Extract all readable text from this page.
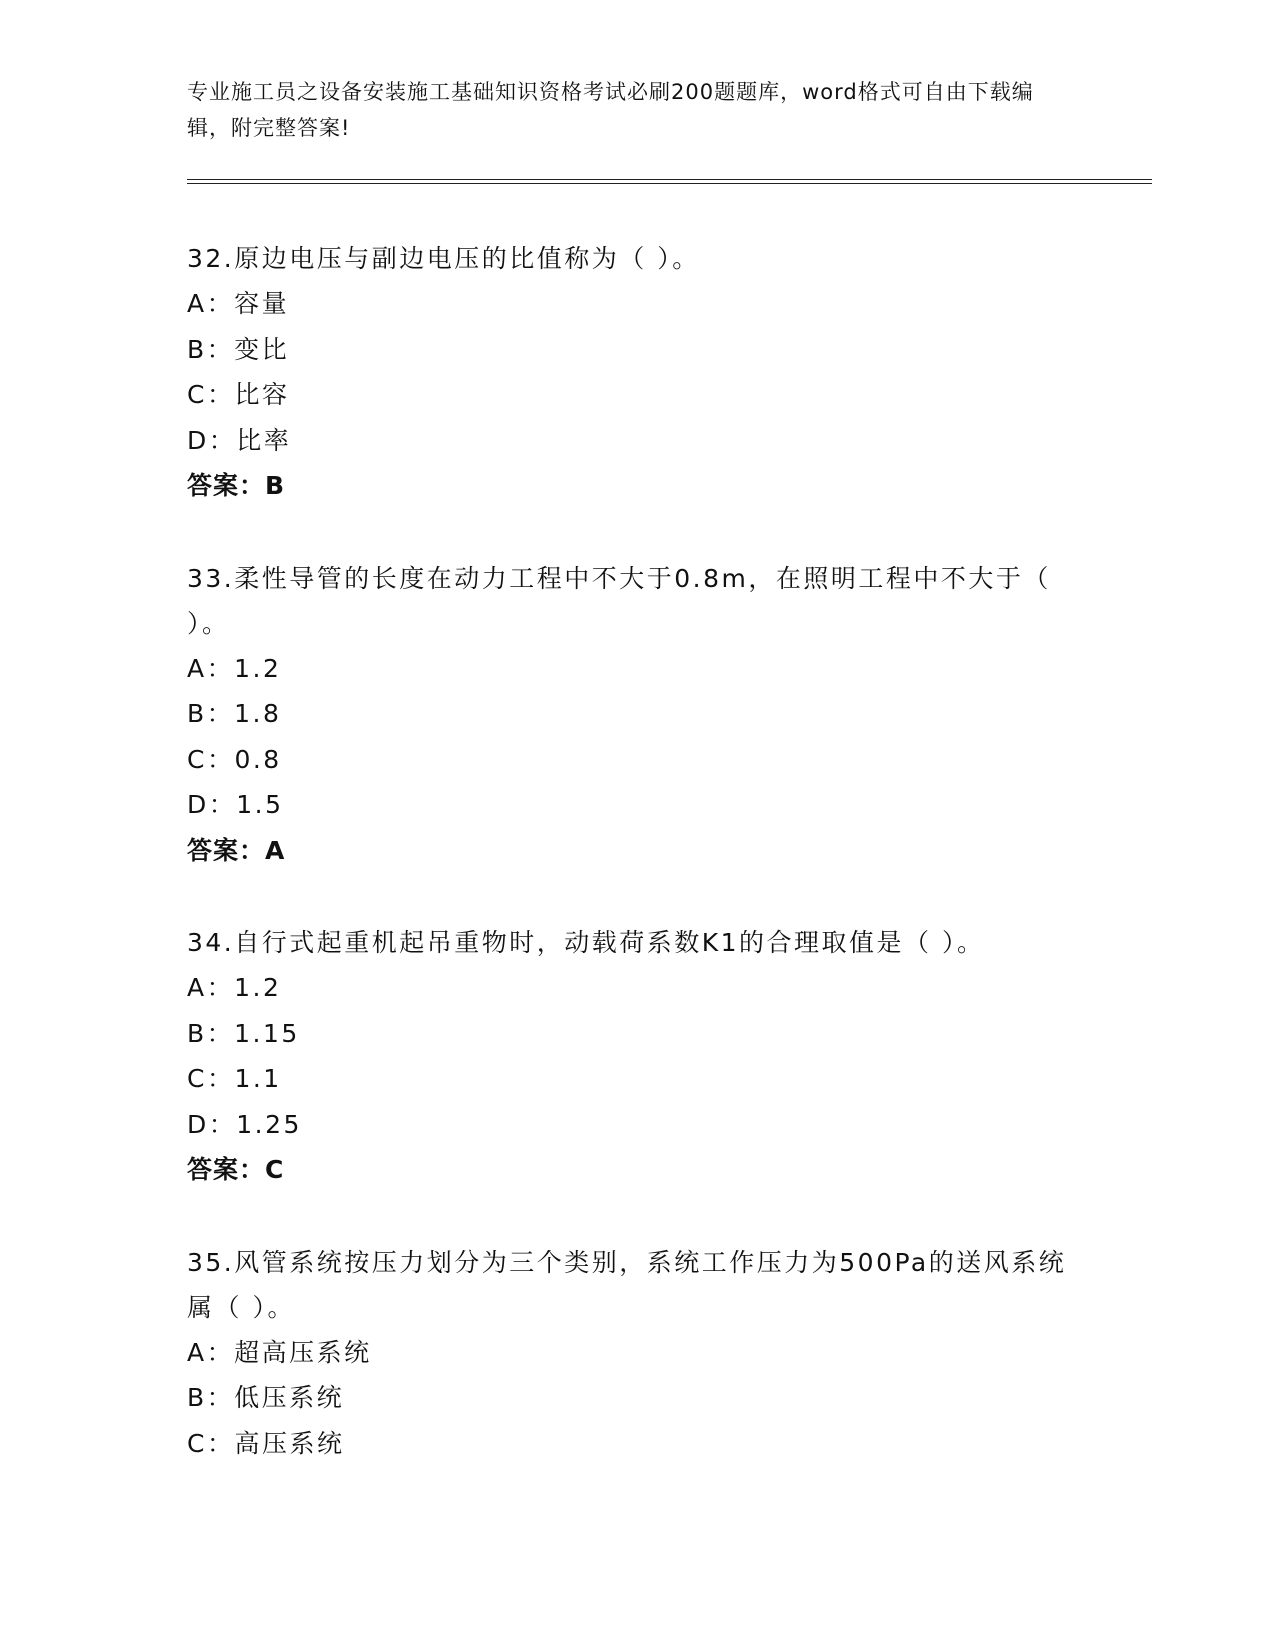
专业施工员之设备安装施工基础知识资格考试必刷200题题库，word格式可自由下载编辑，附完整答案!
32.原边电压与副边电压的比值称为（ ）。
A：容量
B：变比
C：比容
D：比率
答案：B
33.柔性导管的长度在动力工程中不大于0.8m，在照明工程中不大于（ ）。
A：1.2
B：1.8
C：0.8
D：1.5
答案：A
34.自行式起重机起吊重物时，动载荷系数K1的合理取值是（ ）。
A：1.2
B：1.15
C：1.1
D：1.25
答案：C
35.风管系统按压力划分为三个类别，系统工作压力为500Pa的送风系统属（ ）。
A：超高压系统
B：低压系统
C：高压系统
